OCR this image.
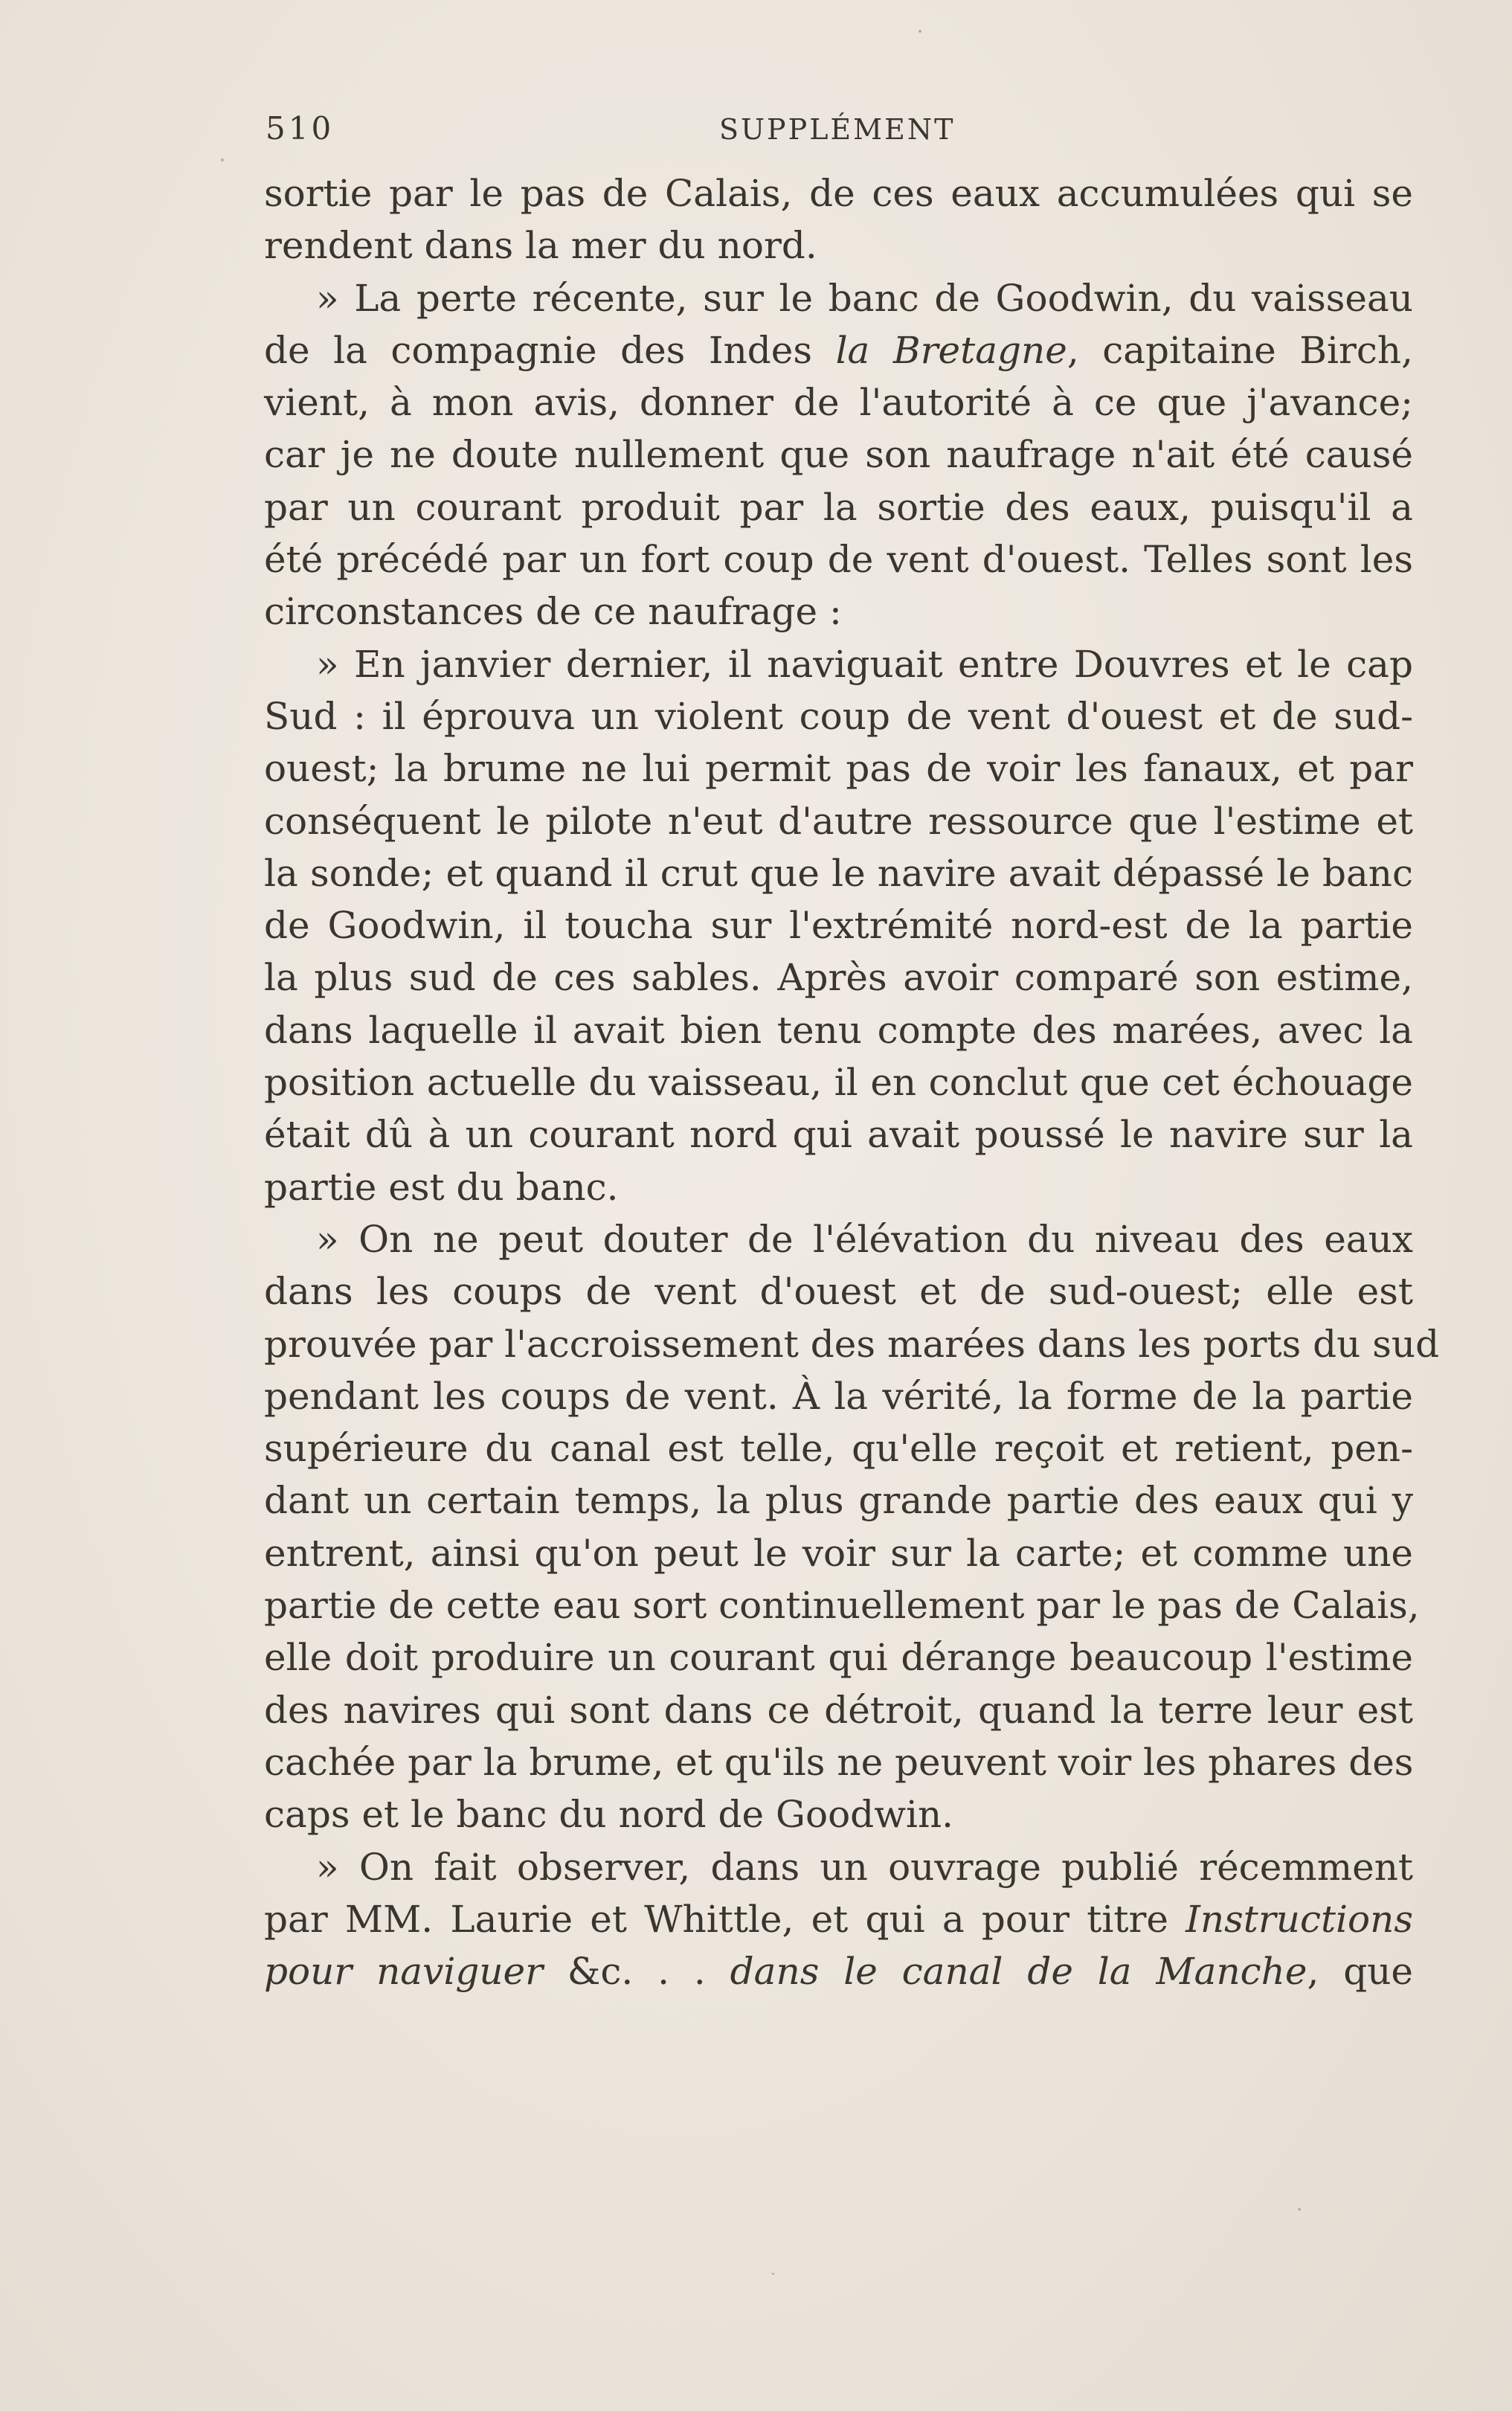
510	SUPPLÉMENT
sortie par le pas de Calais, de ces eaux accumulées qui se
rendent dans la mer du nord.
» La perte récente, sur le banc de Goodwin, du vaisseau
de la compagnie des Indes la Bretagne, capitaine Birch,
vient, à mon avis, donner de l'autorité à ce que j'avance;
car je ne doute nullement que son naufrage n'ait été causé
par un courant produit par la sortie des eaux, puisqu'il a
été précédé par un fort coup de vent d'ouest. Telles sont les
circonstances de ce naufrage :
» En janvier dernier, il naviguait entre Douvres et le cap
Sud : il éprouva un violent coup de vent d'ouest et de sud-
ouest; la brume ne lui permit pas de voir les fanaux, et par
conséquent le pilote n'eut d'autre ressource que l'estime et
la sonde; et quand il crut que le navire avait dépassé le banc
de Goodwin, il toucha sur l'extrémité nord-est de la partie
la plus sud de ces sables. Après avoir comparé son estime,
dans laquelle il avait bien tenu compte des marées, avec la
position actuelle du vaisseau, il en conclut que cet échouage
était dû à un courant nord qui avait poussé le navire sur la
partie est du banc.
» On ne peut douter de l'élévation du niveau des eaux
dans les coups de vent d'ouest et de sud-ouest; elle est
prouvée par l'accroissement des marées dans les ports du sud
pendant les coups de vent. À la vérité, la forme de la partie
supérieure du canal est telle, qu'elle reçoit et retient, pen-
dant un certain temps, la plus grande partie des eaux qui y
entrent, ainsi qu'on peut le voir sur la carte; et comme une
partie de cette eau sort continuellement par le pas de Calais,
elle doit produire un courant qui dérange beaucoup l'estime
des navires qui sont dans ce détroit, quand la terre leur est
cachée par la brume, et qu'ils ne peuvent voir les phares des
caps et le banc du nord de Goodwin.
» On fait observer, dans un ouvrage publié récemment
par MM. Laurie et Whittle, et qui a pour titre Instructions
pour naviguer &c. . . dans le canal de la Manche, que
